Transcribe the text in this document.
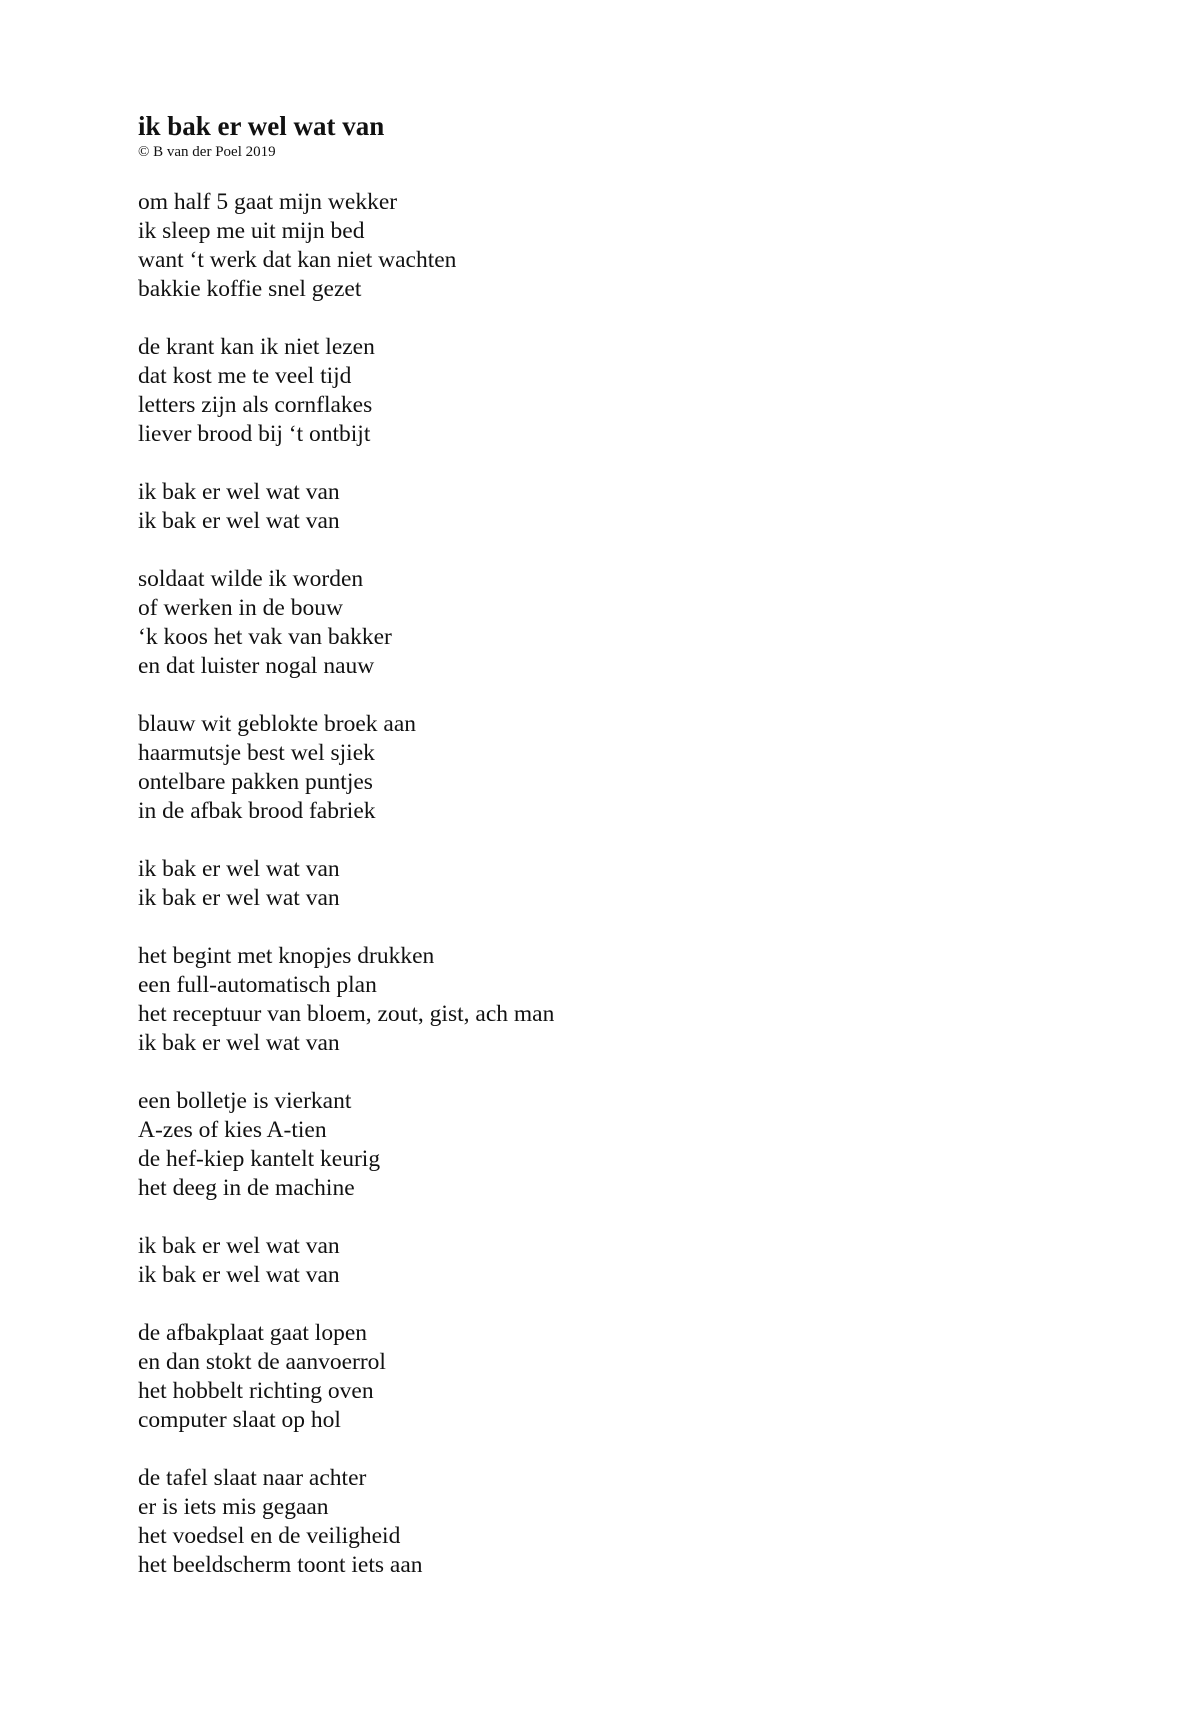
ik bak er wel wat van
© B van der Poel 2019
om half 5 gaat mijn wekker
ik sleep me uit mijn bed
want ‘t werk dat kan niet wachten
bakkie koffie snel gezet
de krant kan ik niet lezen
dat kost me te veel tijd
letters zijn als cornflakes
liever brood bij ‘t ontbijt
ik bak er wel wat van
ik bak er wel wat van
soldaat wilde ik worden
of werken in de bouw
‘k koos het vak van bakker
en dat luister nogal nauw
blauw wit geblokte broek aan
haarmutsje best wel sjiek
ontelbare pakken puntjes
in de afbak brood fabriek
ik bak er wel wat van
ik bak er wel wat van
het begint met knopjes drukken
een full-automatisch plan
het receptuur van bloem, zout, gist, ach man
ik bak er wel wat van
een bolletje is vierkant
A-zes of kies A-tien
de hef-kiep kantelt keurig
het deeg in de machine
ik bak er wel wat van
ik bak er wel wat van
de afbakplaat gaat lopen
en dan stokt de aanvoerrol
het hobbelt richting oven
computer slaat op hol
de tafel slaat naar achter
er is iets mis gegaan
het voedsel en de veiligheid
het beeldscherm toont iets aan
